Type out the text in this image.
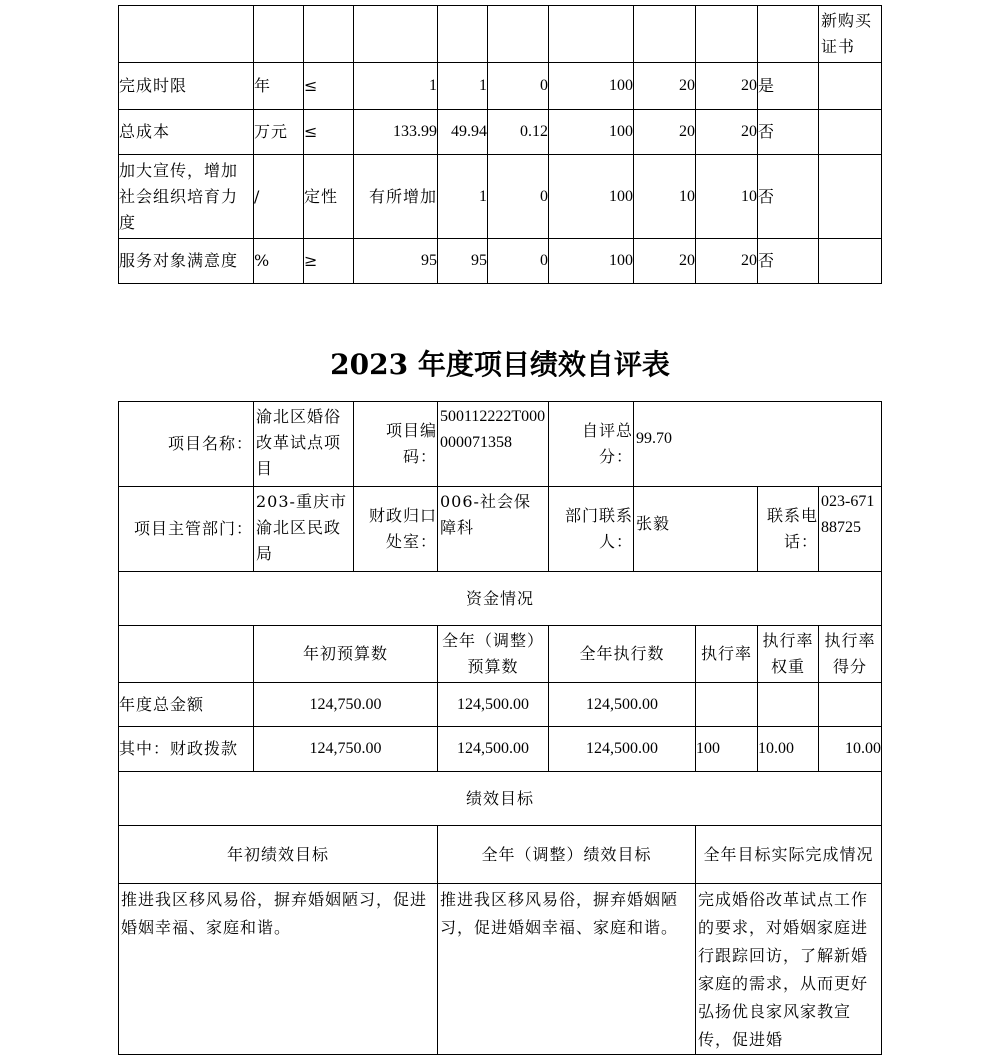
										新购买证书
完成时限	年	≤	1	1	0	100	20	20	是	
总成本	万元	≤	133.99	49.94	0.12	100	20	20	否	
加大宣传，增加社会组织培育力度	/	定性	有所增加	1	0	100	10	10	否	
服务对象满意度	%	≥	95	95	0	100	20	20	否	
2023 年度项目绩效自评表
项目名称：	渝北区婚俗改革试点项目	项目编码：	500112222T000000071358	自评总分：	99.70			
项目主管部门：	203-重庆市渝北区民政局	财政归口处室：	006-社会保障科	部门联系人：	张毅		联系电话：	023-67188725
资金情况								
	年初预算数		全年（调整）预算数	全年执行数		执行率	执行率权重	执行率得分
年度总金额	124,750.00		124,500.00	124,500.00				
其中：财政拨款	124,750.00		124,500.00	124,500.00		100	10.00	10.00
绩效目标								
年初绩效目标			全年（调整）绩效目标			全年目标实际完成情况		
推进我区移风易俗，摒弃婚姻陋习，促进婚姻幸福、家庭和谐。			推进我区移风易俗，摒弃婚姻陋习，促进婚姻幸福、家庭和谐。			完成婚俗改革试点工作的要求，对婚姻家庭进行跟踪回访，了解新婚家庭的需求，从而更好弘扬优良家风家教宣传，促进婚		
